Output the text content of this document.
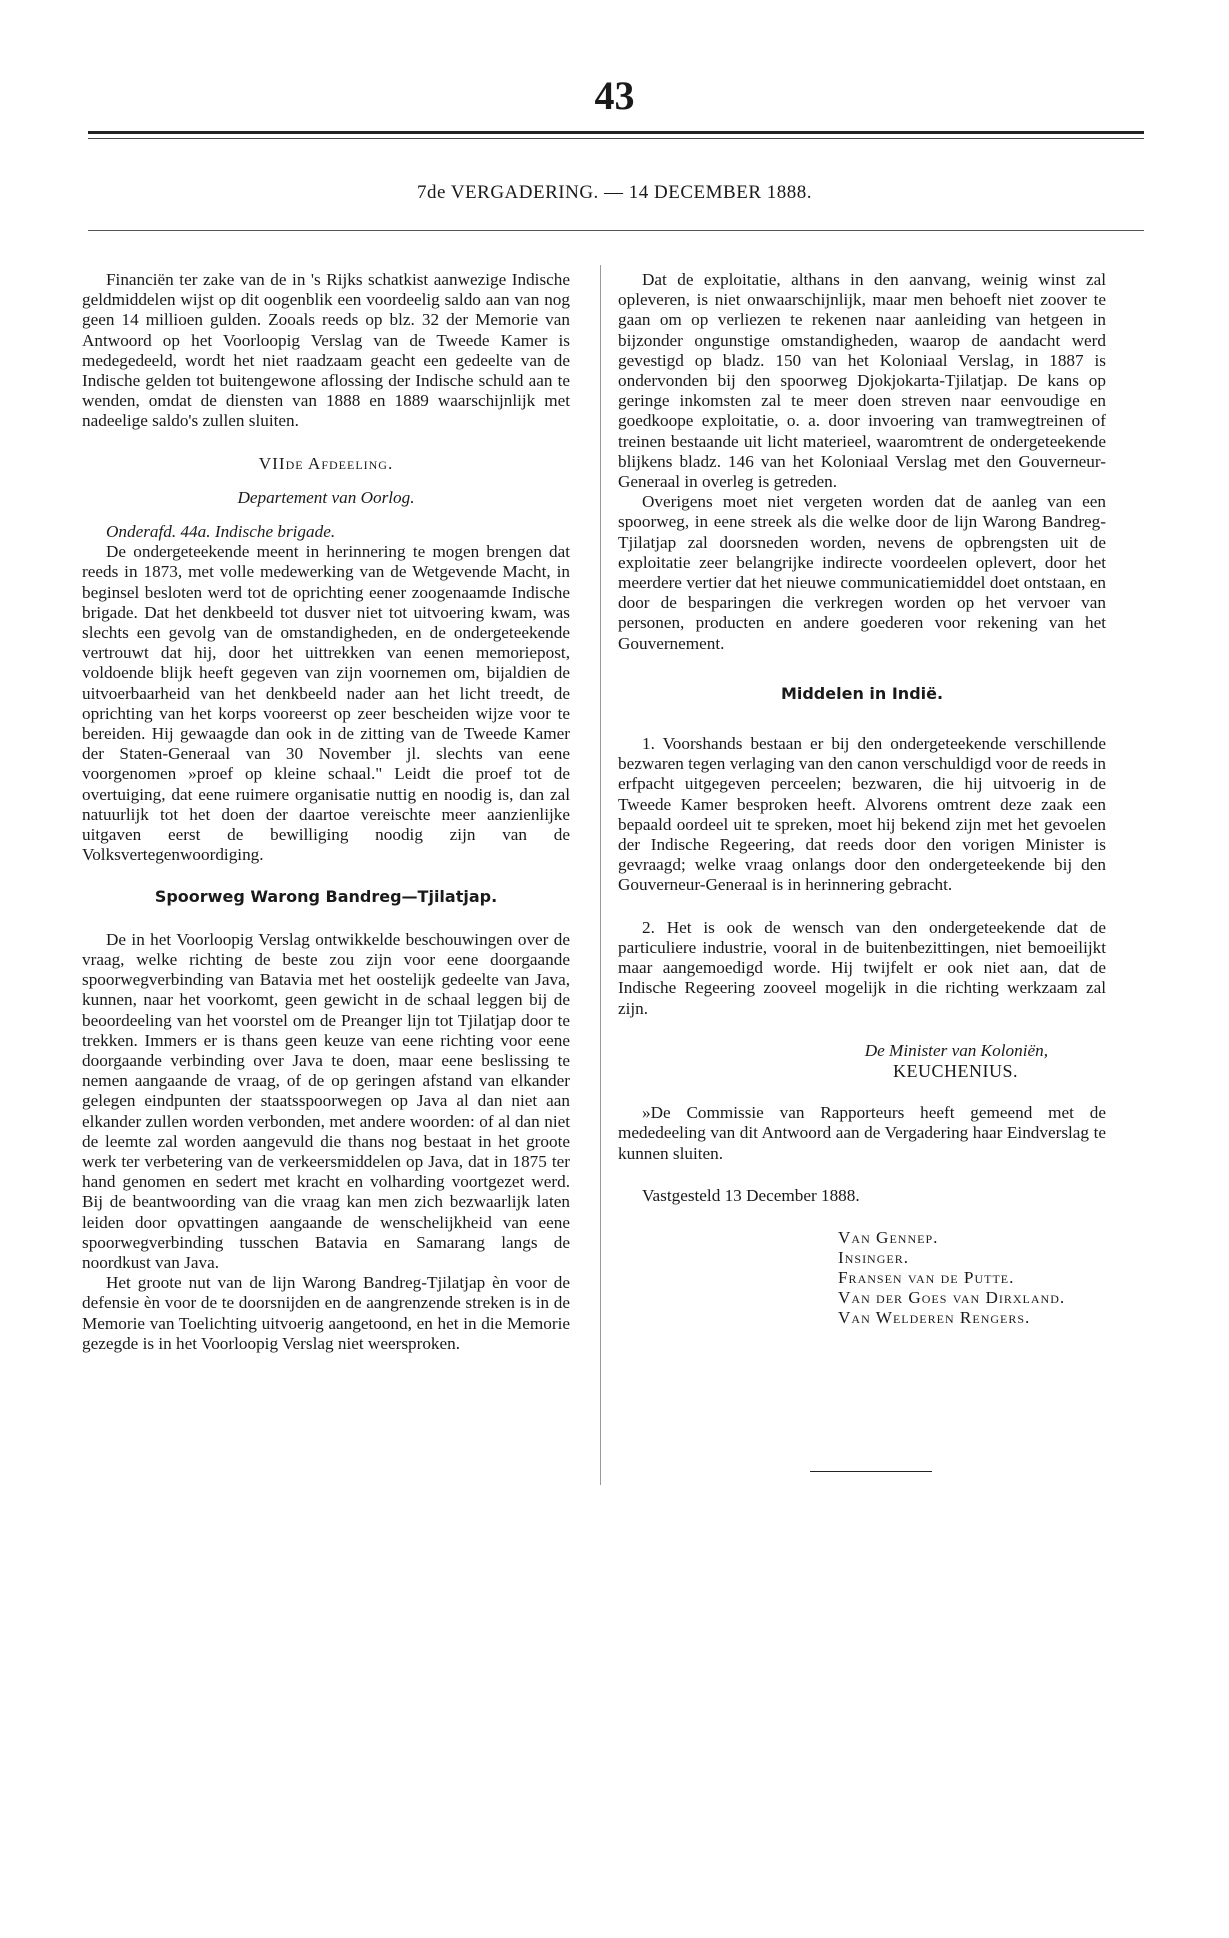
43
7de VERGADERING. — 14 DECEMBER 1888.

Financiën ter zake van de in 's Rijks schatkist aanwezige Indische geldmiddelen wijst op dit oogenblik een voordeelig saldo aan van nog geen 14 millioen gulden. Zooals reeds op blz. 32 der Memorie van Antwoord op het Voorloopig Verslag van de Tweede Kamer is medegedeeld, wordt het niet raadzaam geacht een gedeelte van de Indische gelden tot buitengewone aflossing der Indische schuld aan te wenden, omdat de diensten van 1888 en 1889 waarschijnlijk met nadeelige saldo's zullen sluiten.

VIIde Afdeeling.

Departement van Oorlog.

Onderafd. 44a. Indische brigade.

De ondergeteekende meent in herinnering te mogen brengen dat reeds in 1873, met volle medewerking van de Wetgevende Macht, in beginsel besloten werd tot de oprichting eener zoogenaamde Indische brigade. Dat het denkbeeld tot dusver niet tot uitvoering kwam, was slechts een gevolg van de omstandigheden, en de ondergeteekende vertrouwt dat hij, door het uittrekken van eenen memoriepost, voldoende blijk heeft gegeven van zijn voornemen om, bijaldien de uitvoerbaarheid van het denkbeeld nader aan het licht treedt, de oprichting van het korps vooreerst op zeer bescheiden wijze voor te bereiden. Hij gewaagde dan ook in de zitting van de Tweede Kamer der Staten-Generaal van 30 November jl. slechts van eene voorgenomen »proef op kleine schaal." Leidt die proef tot de overtuiging, dat eene ruimere organisatie nuttig en noodig is, dan zal natuurlijk tot het doen der daartoe vereischte meer aanzienlijke uitgaven eerst de bewilliging noodig zijn van de Volksvertegenwoordiging.

Spoorweg Warong Bandreg—Tjilatjap.

De in het Voorloopig Verslag ontwikkelde beschouwingen over de vraag, welke richting de beste zou zijn voor eene doorgaande spoorwegverbinding van Batavia met het oostelijk gedeelte van Java, kunnen, naar het voorkomt, geen gewicht in de schaal leggen bij de beoordeeling van het voorstel om de Preanger lijn tot Tjilatjap door te trekken. Immers er is thans geen keuze van eene richting voor eene doorgaande verbinding over Java te doen, maar eene beslissing te nemen aangaande de vraag, of de op geringen afstand van elkander gelegen eindpunten der staatsspoorwegen op Java al dan niet aan elkander zullen worden verbonden, met andere woorden: of al dan niet de leemte zal worden aangevuld die thans nog bestaat in het groote werk ter verbetering van de verkeersmiddelen op Java, dat in 1875 ter hand genomen en sedert met kracht en volharding voortgezet werd. Bij de beantwoording van die vraag kan men zich bezwaarlijk laten leiden door opvattingen aangaande de wenschelijkheid van eene spoorwegverbinding tusschen Batavia en Samarang langs de noordkust van Java.

Het groote nut van de lijn Warong Bandreg-Tjilatjap èn voor de defensie èn voor de te doorsnijden en de aangrenzende streken is in de Memorie van Toelichting uitvoerig aangetoond, en het in die Memorie gezegde is in het Voorloopig Verslag niet weersproken.

Dat de exploitatie, althans in den aanvang, weinig winst zal opleveren, is niet onwaarschijnlijk, maar men behoeft niet zoover te gaan om op verliezen te rekenen naar aanleiding van hetgeen in bijzonder ongunstige omstandigheden, waarop de aandacht werd gevestigd op bladz. 150 van het Koloniaal Verslag, in 1887 is ondervonden bij den spoorweg Djokjokarta-Tjilatjap. De kans op geringe inkomsten zal te meer doen streven naar eenvoudige en goedkoope exploitatie, o. a. door invoering van tramwegtreinen of treinen bestaande uit licht materieel, waaromtrent de ondergeteekende blijkens bladz. 146 van het Koloniaal Verslag met den Gouverneur-Generaal in overleg is getreden.

Overigens moet niet vergeten worden dat de aanleg van een spoorweg, in eene streek als die welke door de lijn Warong Bandreg-Tjilatjap zal doorsneden worden, nevens de opbrengsten uit de exploitatie zeer belangrijke indirecte voordeelen oplevert, door het meerdere vertier dat het nieuwe communicatiemiddel doet ontstaan, en door de besparingen die verkregen worden op het vervoer van personen, producten en andere goederen voor rekening van het Gouvernement.

Middelen in Indië.

1. Voorshands bestaan er bij den ondergeteekende verschillende bezwaren tegen verlaging van den canon verschuldigd voor de reeds in erfpacht uitgegeven perceelen; bezwaren, die hij uitvoerig in de Tweede Kamer besproken heeft. Alvorens omtrent deze zaak een bepaald oordeel uit te spreken, moet hij bekend zijn met het gevoelen der Indische Regeering, dat reeds door den vorigen Minister is gevraagd; welke vraag onlangs door den ondergeteekende bij den Gouverneur-Generaal is in herinnering gebracht.

2. Het is ook de wensch van den ondergeteekende dat de particuliere industrie, vooral in de buitenbezittingen, niet bemoeilijkt maar aangemoedigd worde. Hij twijfelt er ook niet aan, dat de Indische Regeering zooveel mogelijk in die richting werkzaam zal zijn.

De Minister van Koloniën,

KEUCHENIUS.

»De Commissie van Rapporteurs heeft gemeend met de mededeeling van dit Antwoord aan de Vergadering haar Eindverslag te kunnen sluiten.

Vastgesteld 13 December 1888.

Van Gennep.
Insinger.
Fransen van de Putte.
Van der Goes van Dirxland.
Van Welderen Rengers.
